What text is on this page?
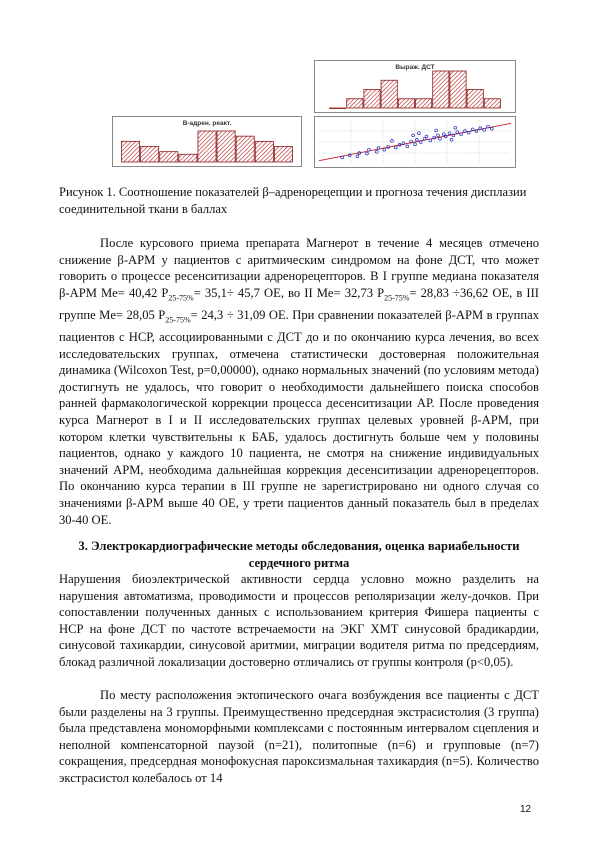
В-адрен. реакт.
Выраж. ДСТ
Рисунок 1. Соотношение показателей β–адренорецепции и прогноза течения дисплазии соединительной ткани в баллах

После курсового приема препарата Магнерот в течение 4 месяцев отмечено снижение β-АРМ у пациентов с аритмическим синдромом на фоне ДСТ, что может говорить о процессе ресенситизации адренорецепторов. В I группе медиана показателя β-АРМ Me= 40,42 $P_{25-75\%}= 35,1\div 45,7$ ОЕ, во II Me= 32,73 $P_{25-75\%}= 28,83 \div 36,62$ ОЕ, в III группе Me= 28,05 $P_{25-75\%}= 24,3 \div 31,09$ ОЕ. При сравнении показателей β-АРМ в группах пациентов с НСР, ассоциированными с ДСТ до и по окончанию курса лечения, во всех исследовательских группах, отмечена статистически достоверная положительная динамика (Wilcoxon Test, p=0,00000), однако нормальных значений (по условиям метода) достигнуть не удалось, что говорит о необходимости дальнейшего поиска способов ранней фармакологической коррекции процесса десенситизации АР. После проведения курса Магнерот в I и II исследовательских группах целевых уровней β-АРМ, при котором клетки чувствительны к БАБ, удалось достигнуть больше чем у половины пациентов, однако у каждого 10 пациента, не смотря на снижение индивидуальных значений АРМ, необходима дальнейшая коррекция десенситизации адренорецепторов. По окончанию курса терапии в III группе не зарегистрировано ни одного случая со значениями β-АРМ выше 40 ОЕ, у трети пациентов данный показатель был в пределах 30-40 ОЕ.

3. Электрокардиографические методы обследования, оценка вариабельности сердечного ритма

Нарушения биоэлектрической активности сердца условно можно разделить на нарушения автоматизма, проводимости и процессов реполяризации желу-дочков. При сопоставлении полученных данных с использованием критерия Фишера пациенты с НСР на фоне ДСТ по частоте встречаемости на ЭКГ ХМТ синусовой брадикардии, синусовой тахикардии, синусовой аритмии, миграции водителя ритма по предсердиям, блокад различной локализации достоверно отличались от группы контроля (р<0,05).

По месту расположения эктопического очага возбуждения все пациенты с ДСТ были разделены на 3 группы. Преимущественно предсердная экстрасистолия (3 группа) была представлена мономорфными комплексами с постоянным интервалом сцепления и неполной компенсаторной паузой (n=21), политопные (n=6) и групповые (n=7) сокращения, предсердная монофокусная пароксизмальная тахикардия (n=5). Количество экстрасистол колебалось от 14

12
